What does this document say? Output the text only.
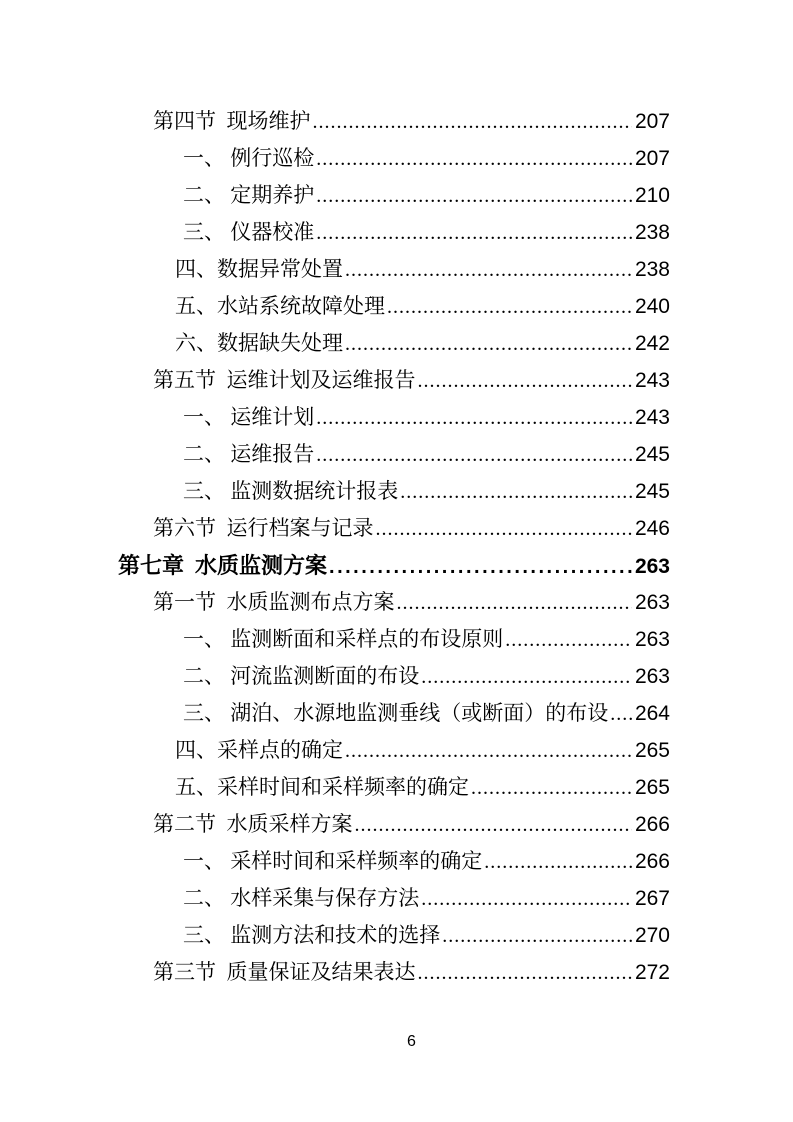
第四节 现场维护 .....	207
一、 例行巡检 .....	207
二、 定期养护 .....	210
三、 仪器校准 .....	238
四、数据异常处置 .....	238
五、水站系统故障处理 .....	240
六、数据缺失处理 .....	242
第五节 运维计划及运维报告 .....	243
一、 运维计划 .....	243
二、 运维报告 .....	245
三、 监测数据统计报表 .....	245
第六节 运行档案与记录 .....	246
第七章 水质监测方案 .....	263
第一节 水质监测布点方案 .....	263
一、 监测断面和采样点的布设原则 .....	263
二、 河流监测断面的布设 .....	263
三、 湖泊、水源地监测垂线（或断面）的布设 ..... 264
四、采样点的确定 .....	265
五、采样时间和采样频率的确定 .....	265
第二节 水质采样方案 .....	266
一、 采样时间和采样频率的确定 .....	266
二、 水样采集与保存方法 .....	267
三、 监测方法和技术的选择 .....	270
第三节 质量保证及结果表达 .....	272
6
